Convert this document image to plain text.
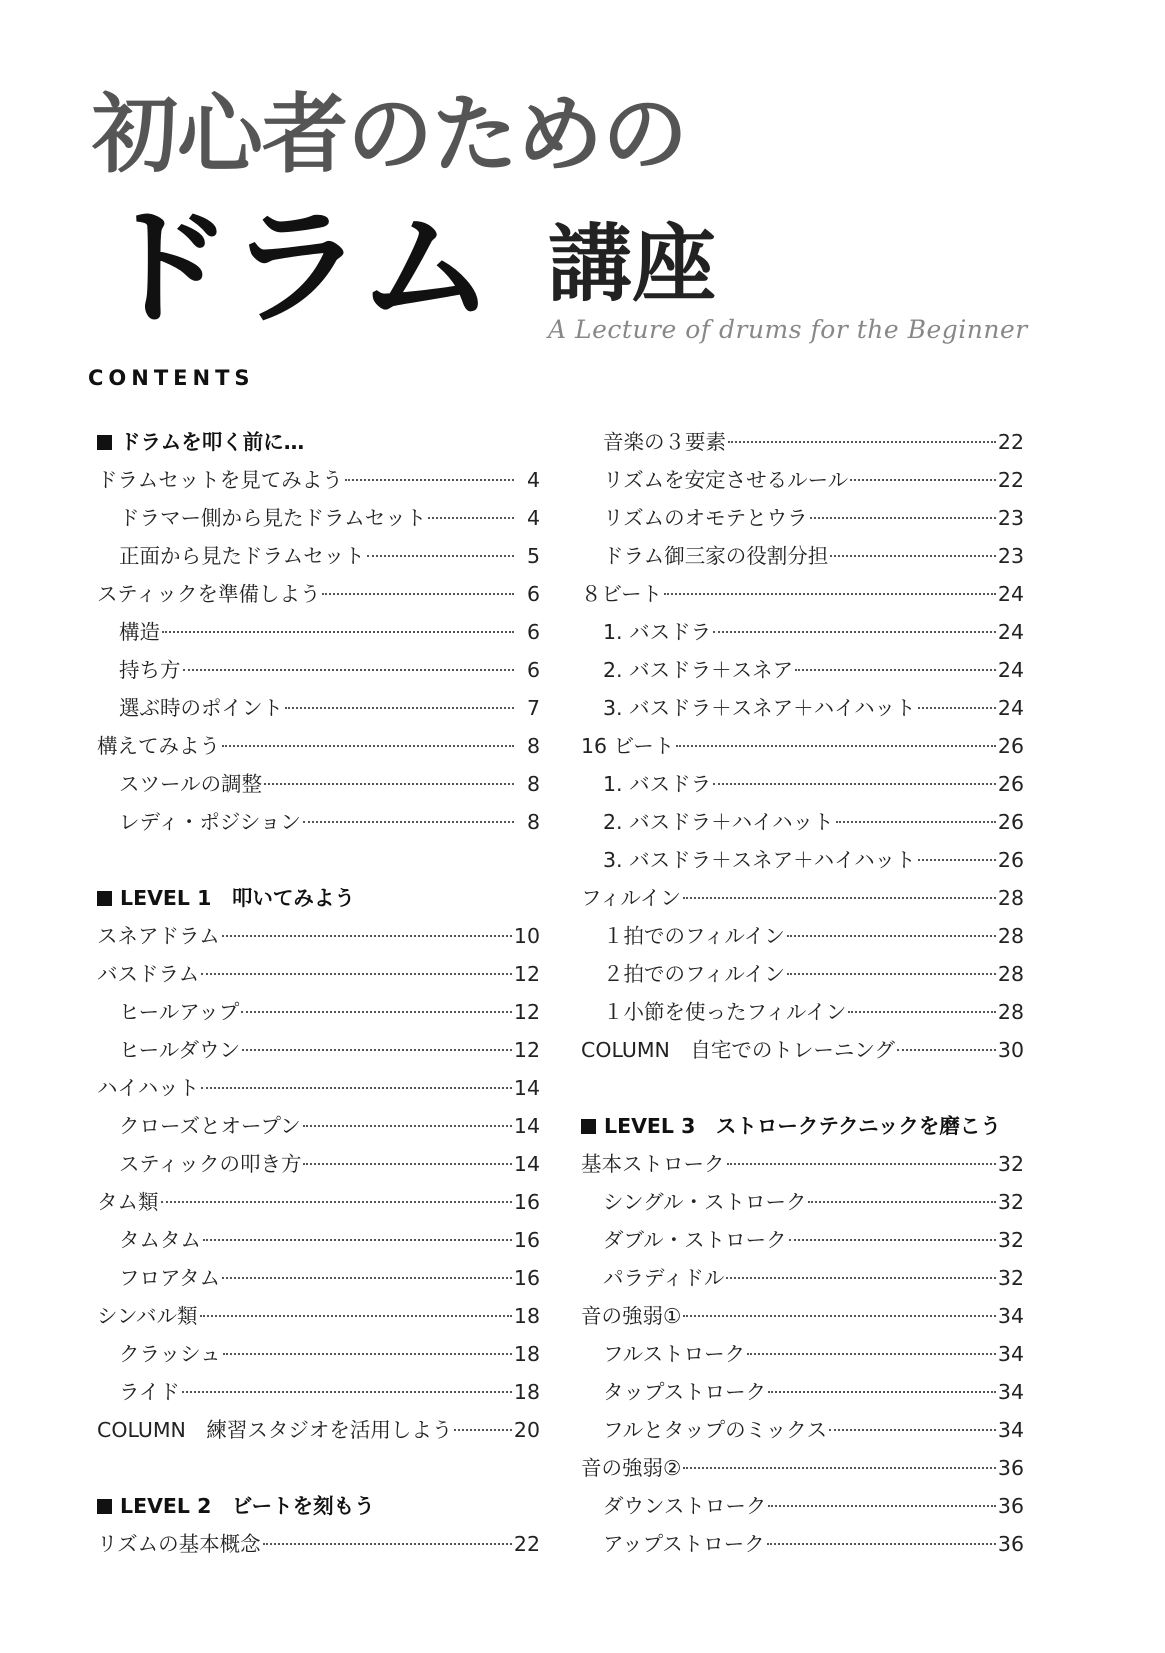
初心者のための
ドラム 講座
A Lecture of drums for the Beginner
CONTENTS
ドラムを叩く前に…
ドラムセットを見てみよう	4
ドラマー側から見たドラムセット	4
正面から見たドラムセット	5
スティックを準備しよう	6
構造	6
持ち方	6
選ぶ時のポイント	7
構えてみよう	8
スツールの調整	8
レディ・ポジション	8
LEVEL 1　叩いてみよう
スネアドラム	10
バスドラム	12
ヒールアップ	12
ヒールダウン	12
ハイハット	14
クローズとオープン	14
スティックの叩き方	14
タム類	16
タムタム	16
フロアタム	16
シンバル類	18
クラッシュ	18
ライド	18
COLUMN　練習スタジオを活用しよう	20
LEVEL 2　ビートを刻もう
リズムの基本概念	22
音楽の３要素	22
リズムを安定させるルール	22
リズムのオモテとウラ	23
ドラム御三家の役割分担	23
８ビート	24
1. バスドラ	24
2. バスドラ＋スネア	24
3. バスドラ＋スネア＋ハイハット	24
16 ビート	26
1. バスドラ	26
2. バスドラ＋ハイハット	26
3. バスドラ＋スネア＋ハイハット	26
フィルイン	28
１拍でのフィルイン	28
２拍でのフィルイン	28
１小節を使ったフィルイン	28
COLUMN　自宅でのトレーニング	30
LEVEL 3　ストロークテクニックを磨こう
基本ストローク	32
シングル・ストローク	32
ダブル・ストローク	32
パラディドル	32
音の強弱①	34
フルストローク	34
タップストローク	34
フルとタップのミックス	34
音の強弱②	36
ダウンストローク	36
アップストローク	36
